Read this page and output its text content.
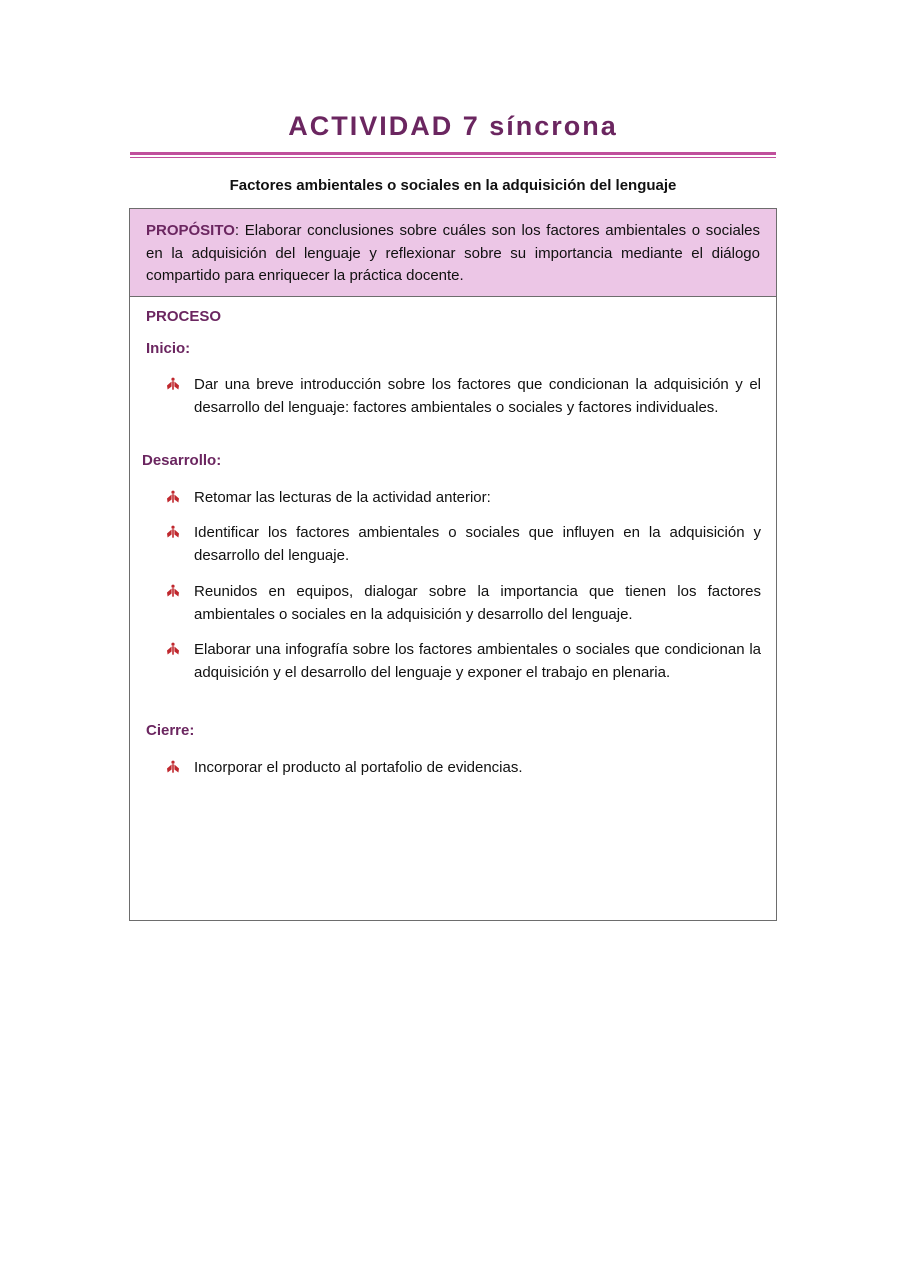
ACTIVIDAD 7 síncrona

Factores ambientales o sociales en la adquisición del lenguaje

PROPÓSITO: Elaborar conclusiones sobre cuáles son los factores ambientales o sociales en la adquisición del lenguaje y reflexionar sobre su importancia mediante el diálogo compartido para enriquecer la práctica docente.

PROCESO

Inicio:

Dar una breve introducción sobre los factores que condicionan la adquisición y el desarrollo del lenguaje: factores ambientales o sociales y factores individuales.

Desarrollo:

Retomar las lecturas de la actividad anterior:

Identificar los factores ambientales o sociales que influyen en la adquisición y desarrollo del lenguaje.

Reunidos en equipos, dialogar sobre la importancia que tienen los factores ambientales o sociales en la adquisición y desarrollo del lenguaje.

Elaborar una infografía sobre los factores ambientales o sociales que condicionan la adquisición y el desarrollo del lenguaje y exponer el trabajo en plenaria.

Cierre:

Incorporar el producto al portafolio de evidencias.
